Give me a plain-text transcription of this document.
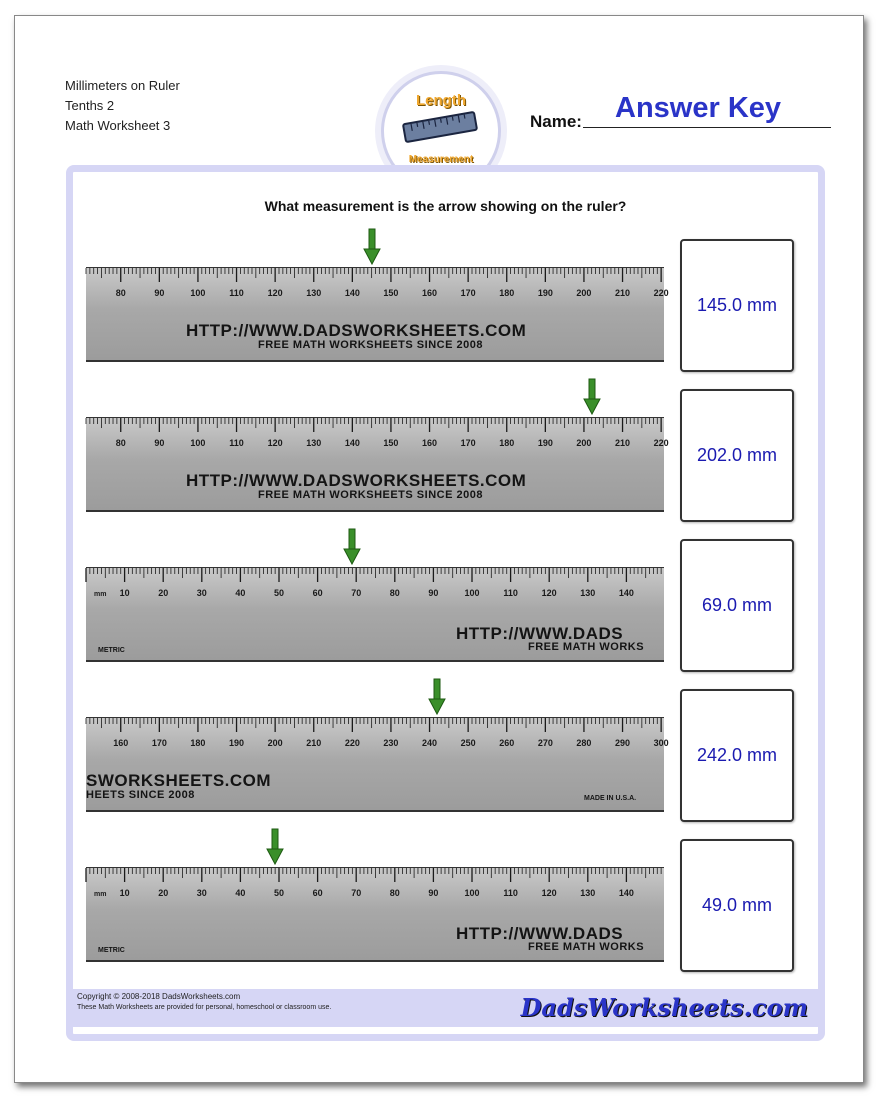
Millimeters on Ruler
Tenths 2
Math Worksheet 3
Length
Measurement
Name: Answer Key
What measurement is the arrow showing on the ruler?
80	90	100	110	120	130	140	150	160	170	180	190	200	210	220
HTTP://WWW.DADSWORKSHEETS.COM
FREE MATH WORKSHEETS SINCE 2008
145.0 mm
80	90	100	110	120	130	140	150	160	170	180	190	200	210	220
HTTP://WWW.DADSWORKSHEETS.COM
FREE MATH WORKSHEETS SINCE 2008
202.0 mm
10	20	30	40	50	60	70	80	90	100	110	120	130	140
mm
HTTP://WWW.DADS
FREE MATH WORKS
METRIC
69.0 mm
160	170	180	190	200	210	220	230	240	250	260	270	280	290	300
SWORKSHEETS.COM
HEETS SINCE 2008	MADE IN U.S.A.
242.0 mm
10	20	30	40	50	60	70	80	90	100	110	120	130	140
mm
HTTP://WWW.DADS
FREE MATH WORKS
METRIC
49.0 mm
Copyright © 2008-2018 DadsWorksheets.com
These Math Worksheets are provided for personal, homeschool or classroom use.	DadsWorksheets.com
